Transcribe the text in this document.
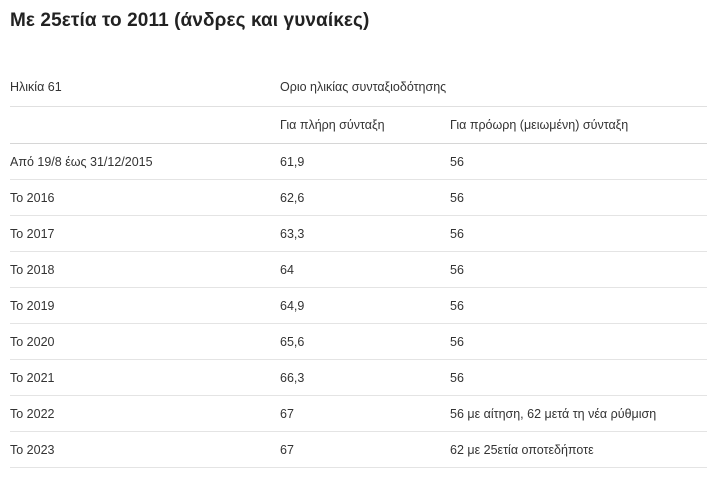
Με 25ετία το 2011 (άνδρες και γυναίκες)
Ηλικία 61	Οριο ηλικίας συνταξιοδότησης	
	Για πλήρη σύνταξη	Για πρόωρη (μειωμένη) σύνταξη
Από 19/8 έως 31/12/2015	61,9	56
Το 2016	62,6	56
Το 2017	63,3	56
Το 2018	64	56
Το 2019	64,9	56
Το 2020	65,6	56
Το 2021	66,3	56
Το 2022	67	56 με αίτηση, 62 μετά τη νέα ρύθμιση
Το 2023	67	62 με 25ετία οποτεδήποτε
